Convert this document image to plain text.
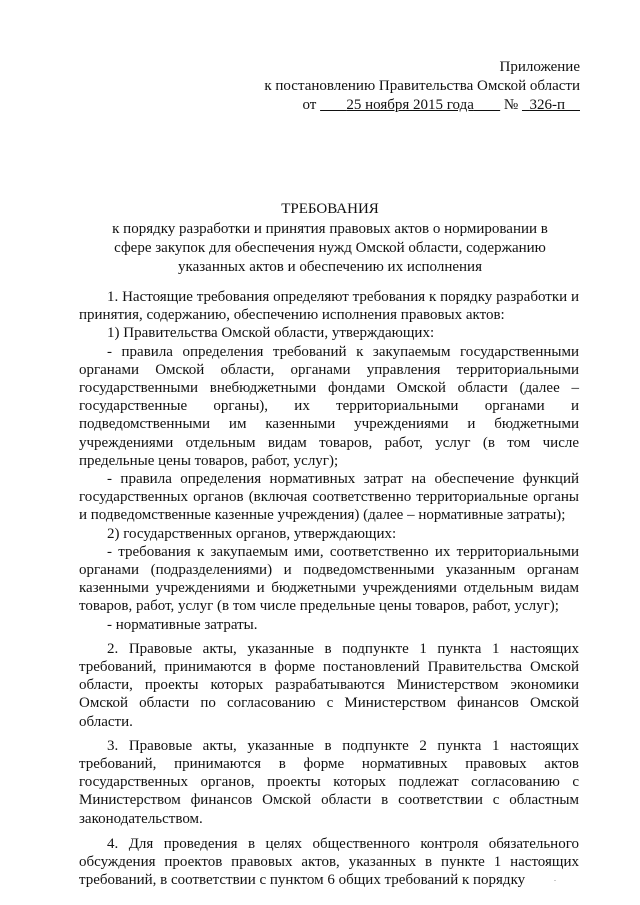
Приложение
к постановлению Правительства Омской области
от 25 ноября 2015 года № 326-п
ТРЕБОВАНИЯ
к порядку разработки и принятия правовых актов о нормировании в
сфере закупок для обеспечения нужд Омской области, содержанию
указанных актов и обеспечению их исполнения

1. Настоящие требования определяют требования к порядку разработки и принятия, содержанию, обеспечению исполнения правовых актов:

1) Правительства Омской области, утверждающих:

- правила определения требований к закупаемым государственными органами Омской области, органами управления территориальными государственными внебюджетными фондами Омской области (далее – государственные органы), их территориальными органами и подведомственными им казенными учреждениями и бюджетными учреждениями отдельным видам товаров, работ, услуг (в том числе предельные цены товаров, работ, услуг);

- правила определения нормативных затрат на обеспечение функций государственных органов (включая соответственно территориальные органы и подведомственные казенные учреждения) (далее – нормативные затраты);

2) государственных органов, утверждающих:

- требования к закупаемым ими, соответственно их территориальными органами (подразделениями) и подведомственными указанным органам казенными учреждениями и бюджетными учреждениями отдельным видам товаров, работ, услуг (в том числе предельные цены товаров, работ, услуг);

- нормативные затраты.

2. Правовые акты, указанные в подпункте 1 пункта 1 настоящих требований, принимаются в форме постановлений Правительства Омской области, проекты которых разрабатываются Министерством экономики Омской области по согласованию с Министерством финансов Омской области.

3. Правовые акты, указанные в подпункте 2 пункта 1 настоящих требований, принимаются в форме нормативных правовых актов государственных органов, проекты которых подлежат согласованию с Министерством финансов Омской области в соответствии с областным законодательством.

4. Для проведения в целях общественного контроля обязательного обсуждения проектов правовых актов, указанных в пункте 1 настоящих требований, в соответствии с пунктом 6 общих требований к порядку	.
